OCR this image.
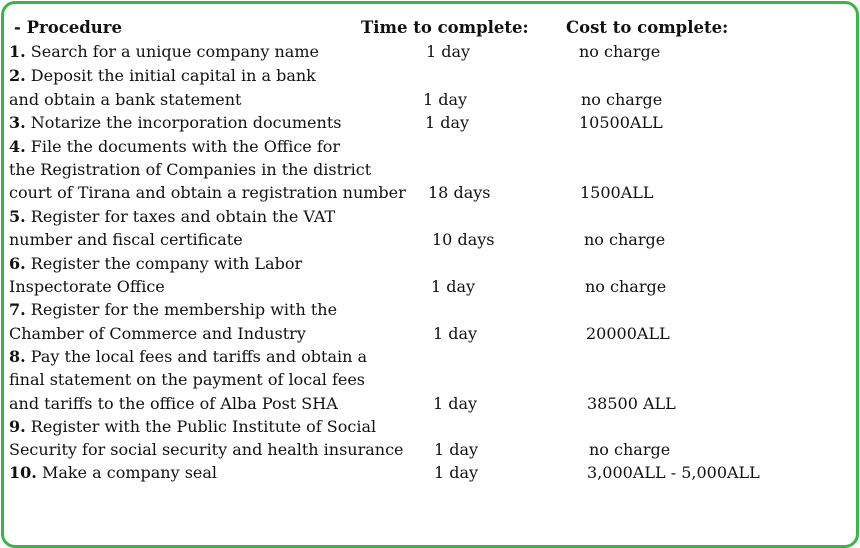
- Procedure	Time to complete: Cost to complete:
1. Search for a unique company name	1 day	no charge
2. Deposit the initial capital in a bank
and obtain a bank statement	1 day	no charge
3. Notarize the incorporation documents	1 day	10500ALL
4. File the documents with the Office for
the Registration of Companies in the district
court of Tirana and obtain a registration number 18 days	1500ALL
5. Register for taxes and obtain the VAT
number and fiscal certificate	10 days	no charge
6. Register the company with Labor
Inspectorate Office	1 day	no charge
7. Register for the membership with the
Chamber of Commerce and Industry	1 day	20000ALL
8. Pay the local fees and tariffs and obtain a
final statement on the payment of local fees
and tariffs to the office of Alba Post SHA	1 day	38500 ALL
9. Register with the Public Institute of Social
Security for social security and health insurance 1 day	no charge
10. Make a company seal	1 day	3,000ALL - 5,000ALL
